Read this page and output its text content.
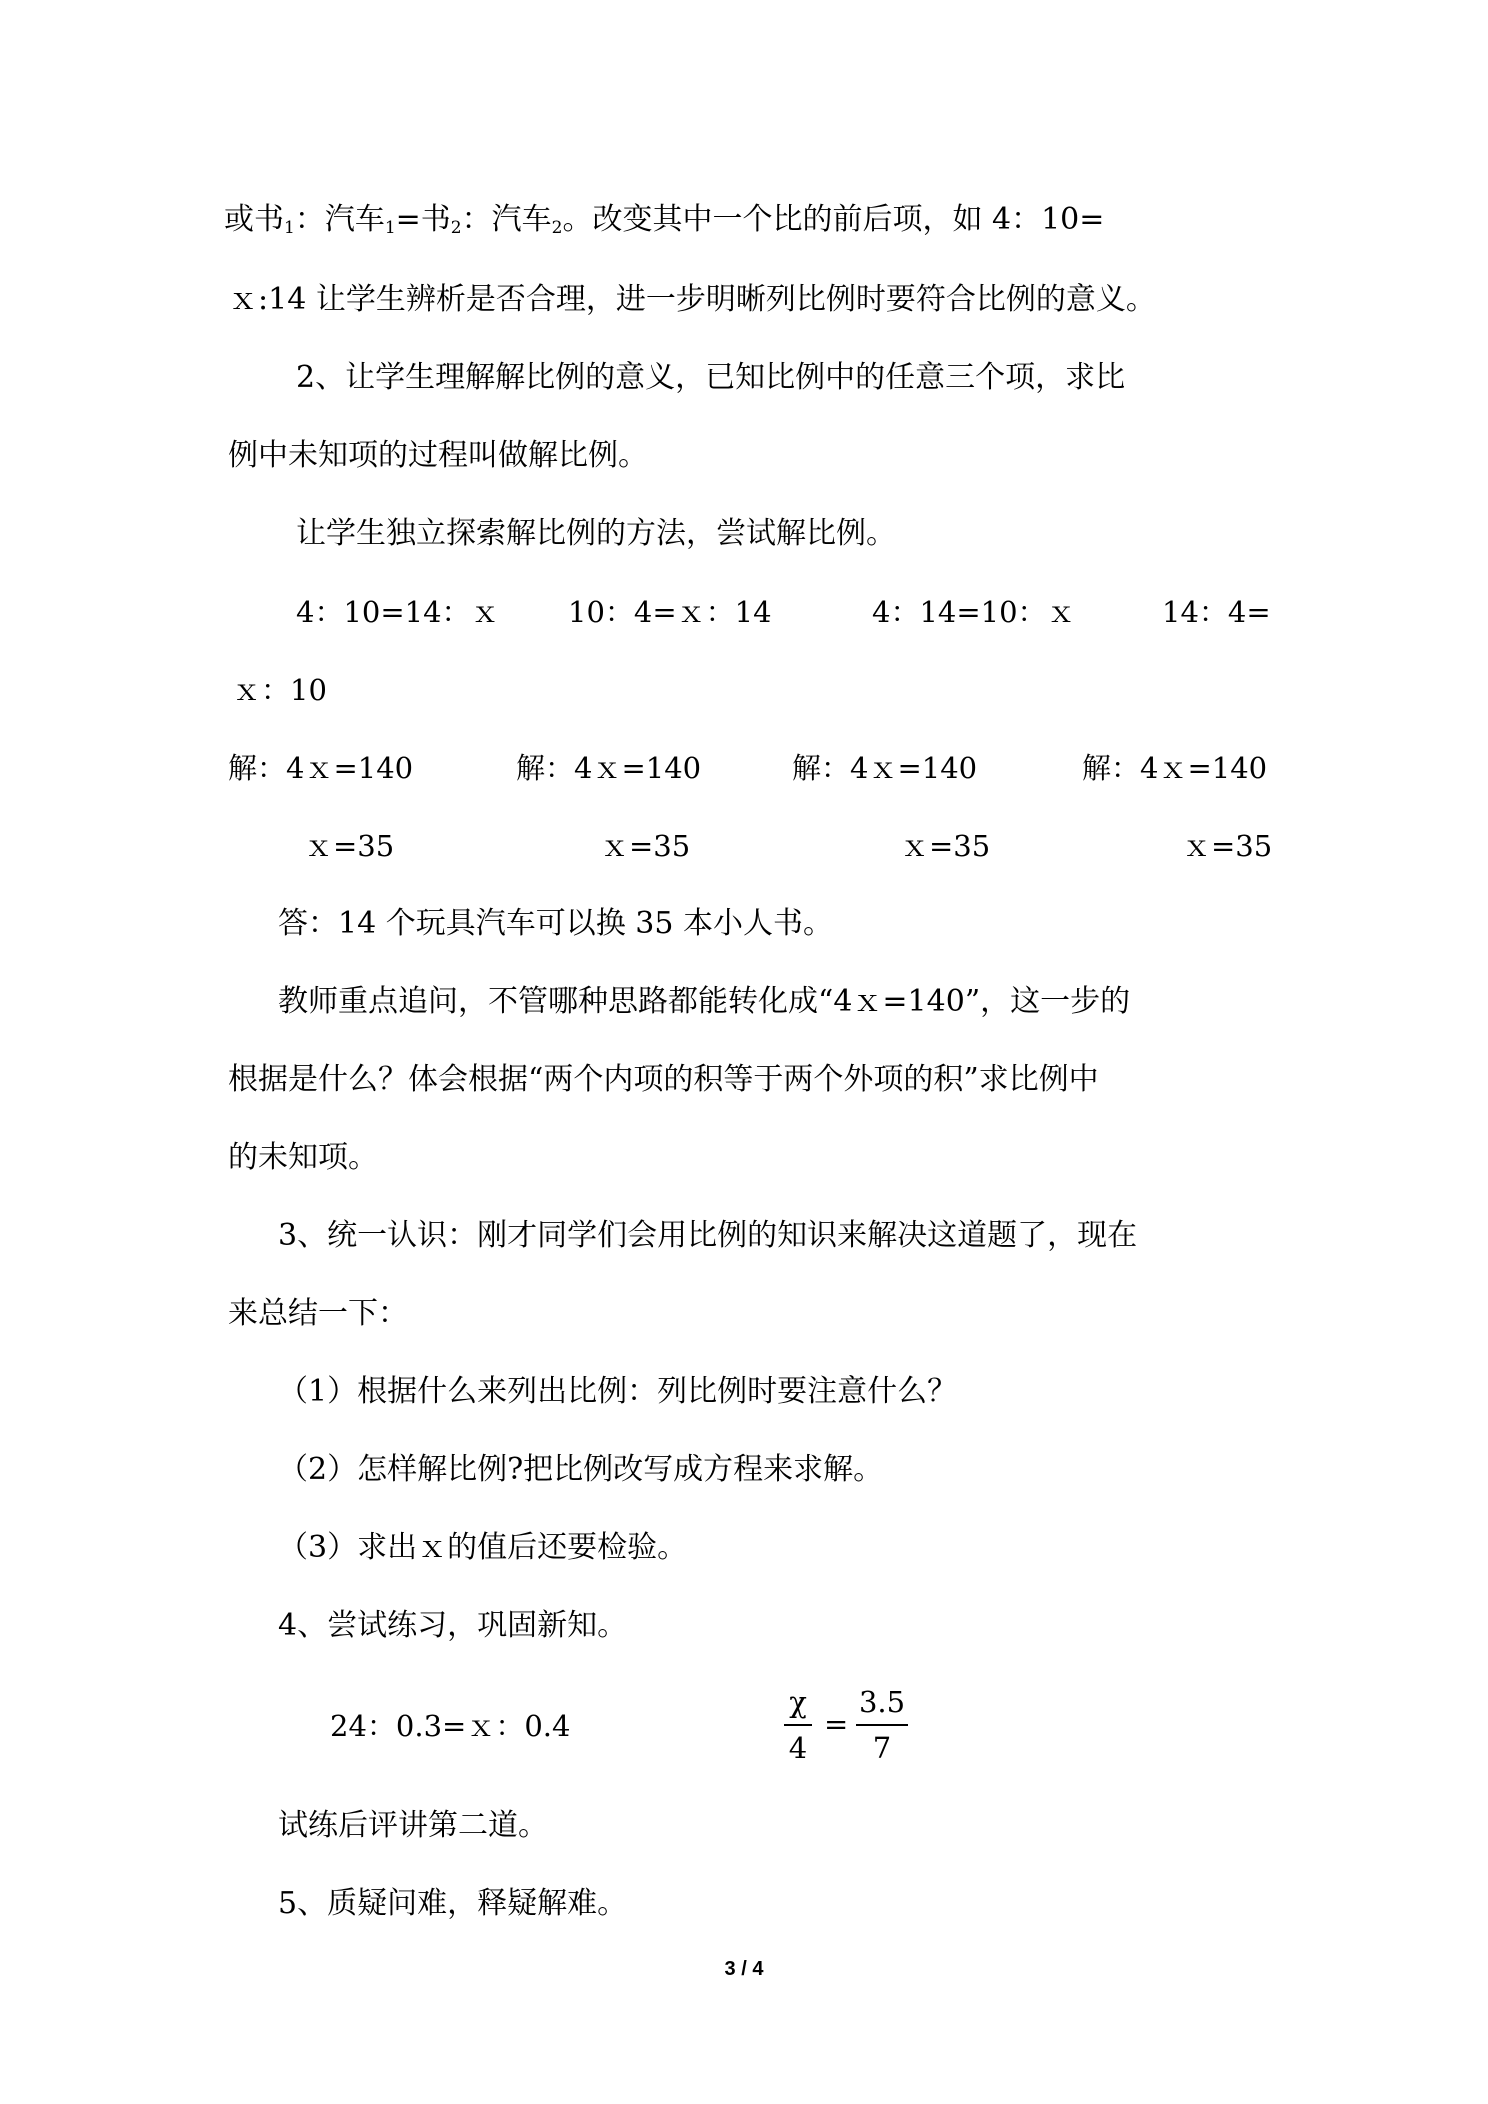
或书$_1$：汽车$_1$=书$_2$：汽车$_2$。改变其中一个比的前后项，如 4：10=
ｘ:14 让学生辨析是否合理，进一步明晰列比例时要符合比例的意义。
2、让学生理解解比例的意义，已知比例中的任意三个项，求比
例中未知项的过程叫做解比例。
让学生独立探索解比例的方法，尝试解比例。
4：10=14：ｘ 10：4=ｘ：14	4：14=10：ｘ	14：4=
ｘ：10
解：4ｘ=140	解：4ｘ=140	解：4ｘ=140	解：4ｘ=140
ｘ=35	ｘ=35	ｘ=35	ｘ=35
答：14 个玩具汽车可以换 35 本小人书。
教师重点追问，不管哪种思路都能转化成“4ｘ=140”，这一步的
根据是什么？体会根据“两个内项的积等于两个外项的积”求比例中
的未知项。
3、统一认识：刚才同学们会用比例的知识来解决这道题了，现在
来总结一下：
（1）根据什么来列出比例：列比例时要注意什么？
（2）怎样解比例?把比例改写成方程来求解。
（3）求出ｘ的值后还要检验。
4、尝试练习，巩固新知。
24：0.3=ｘ：0.4
χ
4
=
3.5
7
试练后评讲第二道。
5、质疑问难，释疑解难。
3 / 4
